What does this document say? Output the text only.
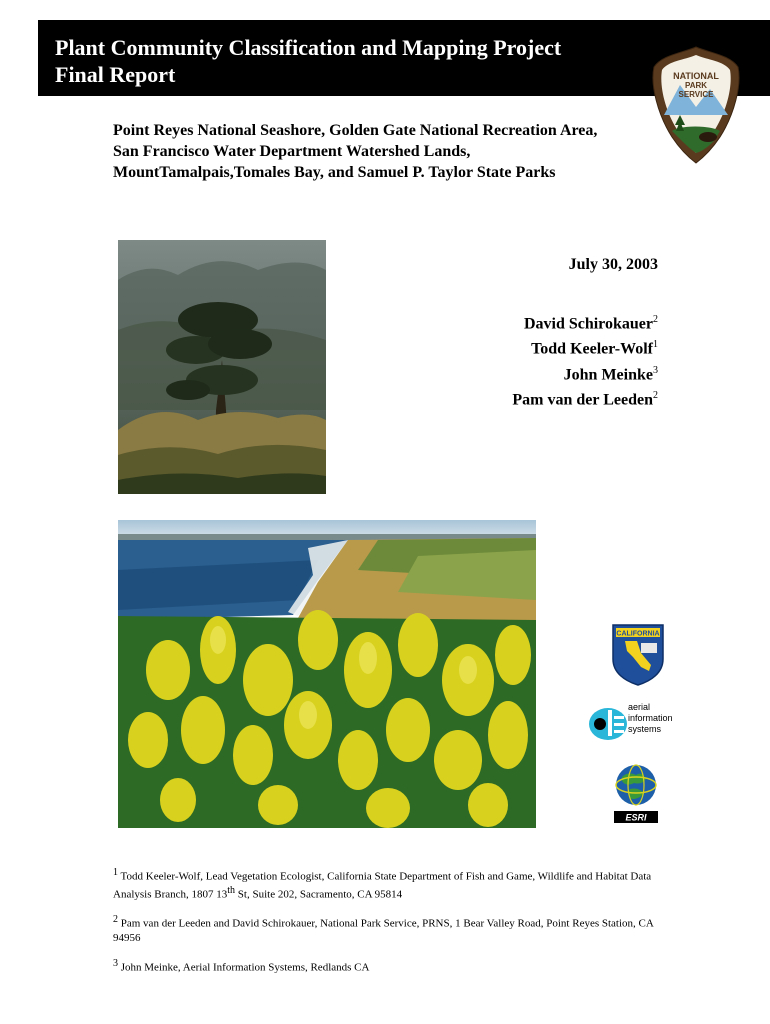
Plant Community Classification and Mapping Project
Final Report	NATIONAL
PARK
SERVICE
Point Reyes National Seashore, Golden Gate National Recreation Area,
San Francisco Water Department Watershed Lands,
MountTamalpais,Tomales Bay, and Samuel P. Taylor State Parks
July 30, 2003
David Schirokauer$^2$
Todd Keeler-Wolf$^1$
John Meinke$^3$
Pam van der Leeden$^2$
CALIFORNIA
aerial
information
systems
ESRI

$^1$ Todd Keeler-Wolf, Lead Vegetation Ecologist, California State Department of Fish and Game, Wildlife and Habitat Data Analysis Branch, 1807 13th St, Suite 202, Sacramento, CA 95814

$^2$ Pam van der Leeden and David Schirokauer, National Park Service, PRNS, 1 Bear Valley Road, Point Reyes Station, CA 94956

$^3$ John Meinke, Aerial Information Systems, Redlands CA
